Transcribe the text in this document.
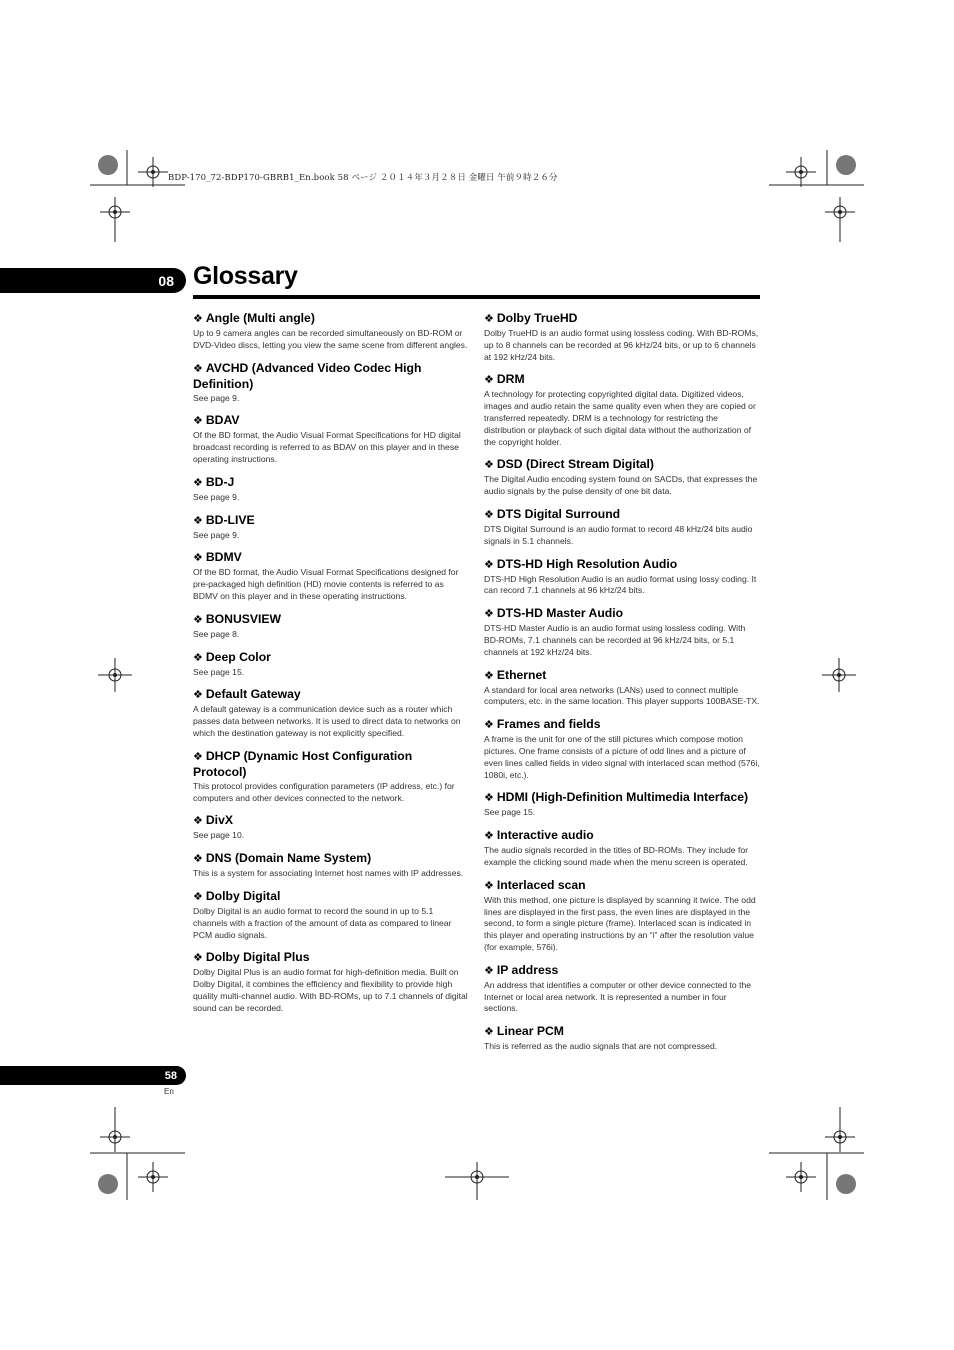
BDP-170_72-BDP170-GBRB1_En.book 58 ページ ２０１４年３月２８日 金曜日 午前９時２６分
08 Glossary

❖ Angle (Multi angle)

Up to 9 camera angles can be recorded simultaneously on BD-ROM or DVD-Video discs, letting you view the same scene from different angles.

❖ AVCHD (Advanced Video Codec High Definition)

See page 9.

❖ BDAV

Of the BD format, the Audio Visual Format Specifications for HD digital broadcast recording is referred to as BDAV on this player and in these operating instructions.

❖ BD-J

See page 9.

❖ BD-LIVE

See page 9.

❖ BDMV

Of the BD format, the Audio Visual Format Specifications designed for pre-packaged high definition (HD) movie contents is referred to as BDMV on this player and in these operating instructions.

❖ BONUSVIEW

See page 8.

❖ Deep Color

See page 15.

❖ Default Gateway

A default gateway is a communication device such as a router which passes data between networks. It is used to direct data to networks on which the destination gateway is not explicitly specified.

❖ DHCP (Dynamic Host Configuration Protocol)

This protocol provides configuration parameters (IP address, etc.) for computers and other devices connected to the network.

❖ DivX

See page 10.

❖ DNS (Domain Name System)

This is a system for associating Internet host names with IP addresses.

❖ Dolby Digital

Dolby Digital is an audio format to record the sound in up to 5.1 channels with a fraction of the amount of data as compared to linear PCM audio signals.

❖ Dolby Digital Plus

Dolby Digital Plus is an audio format for high-definition media. Built on Dolby Digital, it combines the efficiency and flexibility to provide high quality multi-channel audio. With BD-ROMs, up to 7.1 channels of digital sound can be recorded.

❖ Dolby TrueHD

Dolby TrueHD is an audio format using lossless coding. With BD-ROMs, up to 8 channels can be recorded at 96 kHz/24 bits, or up to 6 channels at 192 kHz/24 bits.

❖ DRM

A technology for protecting copyrighted digital data. Digitized videos, images and audio retain the same quality even when they are copied or transferred repeatedly. DRM is a technology for restricting the distribution or playback of such digital data without the authorization of the copyright holder.

❖ DSD (Direct Stream Digital)

The Digital Audio encoding system found on SACDs, that expresses the audio signals by the pulse density of one bit data.

❖ DTS Digital Surround

DTS Digital Surround is an audio format to record 48 kHz/24 bits audio signals in 5.1 channels.

❖ DTS-HD High Resolution Audio

DTS-HD High Resolution Audio is an audio format using lossy coding. It can record 7.1 channels at 96 kHz/24 bits.

❖ DTS-HD Master Audio

DTS-HD Master Audio is an audio format using lossless coding. With BD-ROMs, 7.1 channels can be recorded at 96 kHz/24 bits, or 5.1 channels at 192 kHz/24 bits.

❖ Ethernet

A standard for local area networks (LANs) used to connect multiple computers, etc. in the same location. This player supports 100BASE-TX.

❖ Frames and fields

A frame is the unit for one of the still pictures which compose motion pictures. One frame consists of a picture of odd lines and a picture of even lines called fields in video signal with interlaced scan method (576i, 1080i, etc.).

❖ HDMI (High-Definition Multimedia Interface)

See page 15.

❖ Interactive audio

The audio signals recorded in the titles of BD-ROMs. They include for example the clicking sound made when the menu screen is operated.

❖ Interlaced scan

With this method, one picture is displayed by scanning it twice. The odd lines are displayed in the first pass, the even lines are displayed in the second, to form a single picture (frame). Interlaced scan is indicated in this player and operating instructions by an “i” after the resolution value (for example, 576i).

❖ IP address

An address that identifies a computer or other device connected to the Internet or local area network. It is represented a number in four sections.

❖ Linear PCM

This is referred as the audio signals that are not compressed.

58
En
